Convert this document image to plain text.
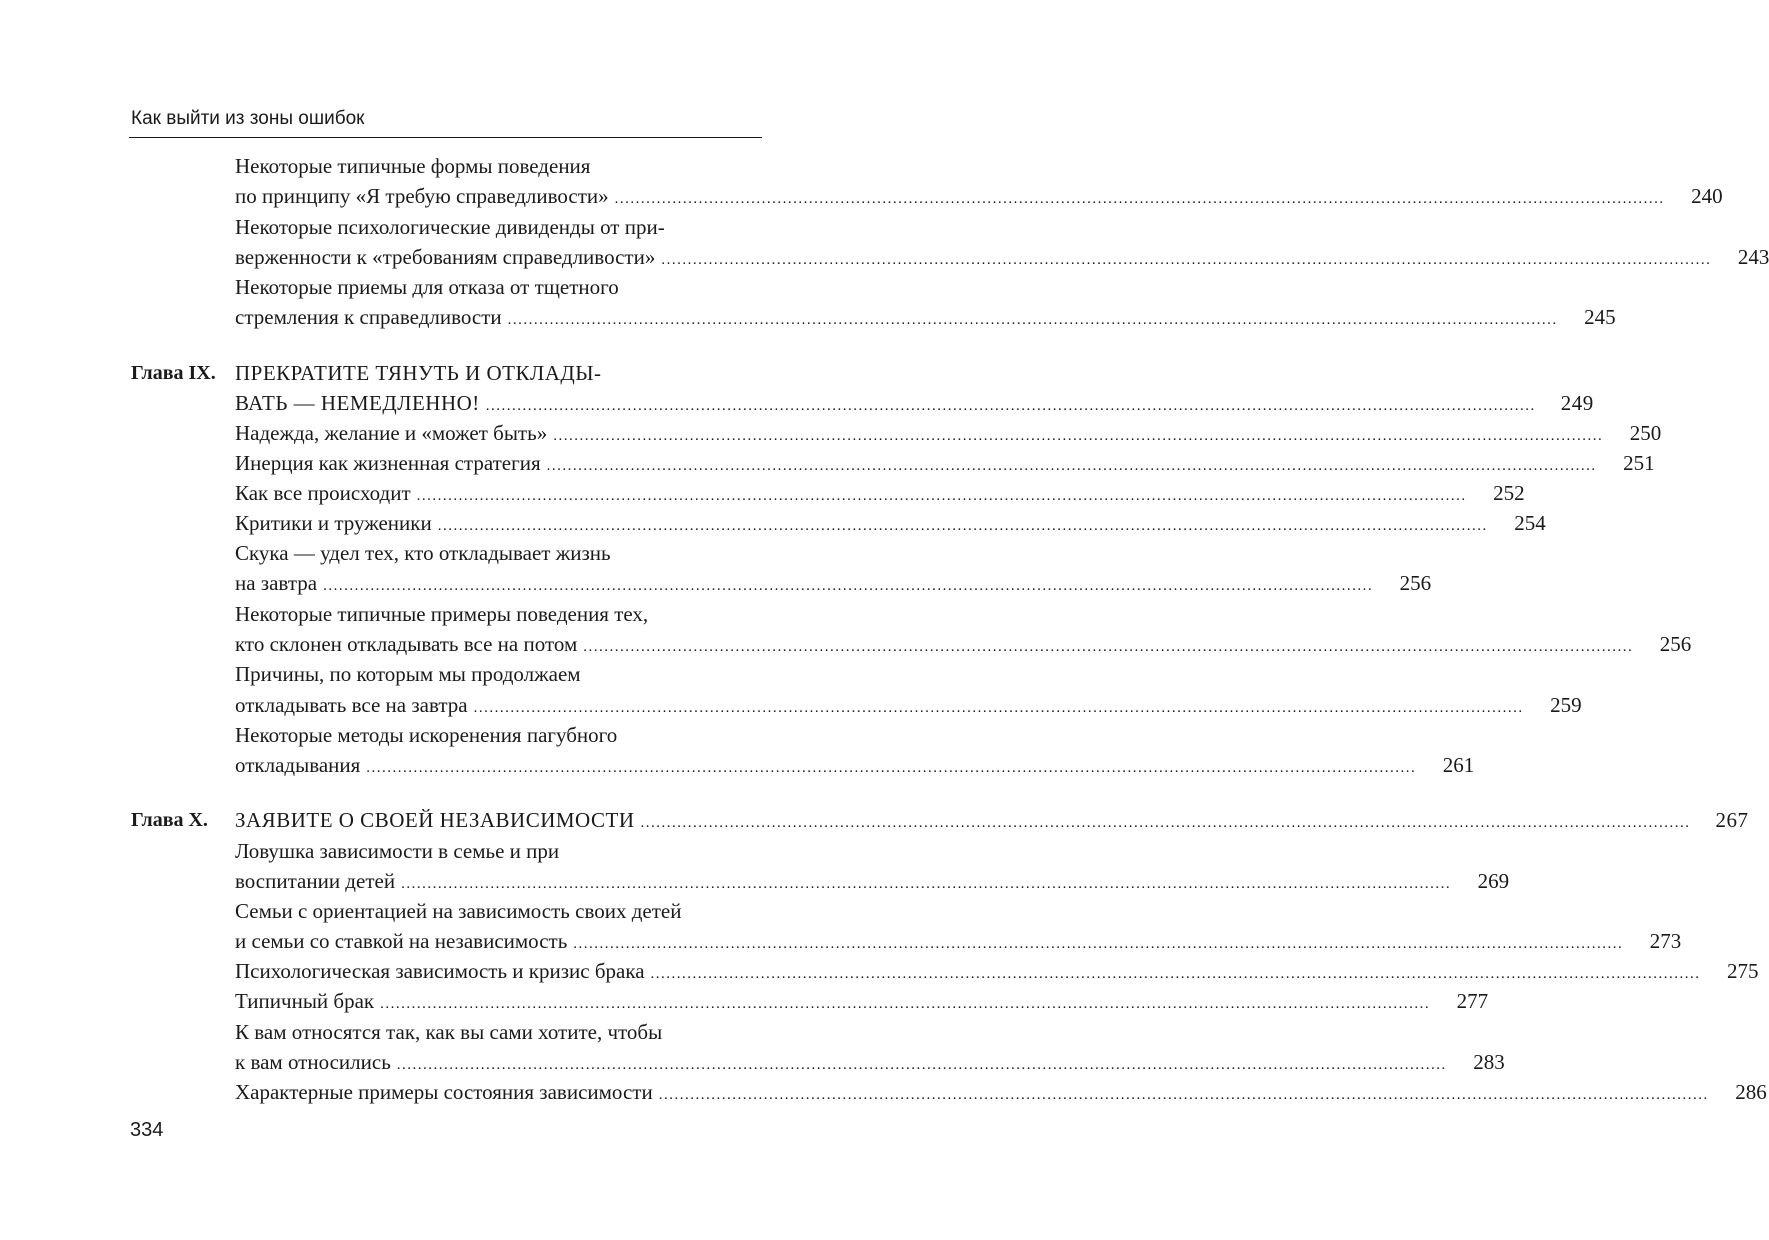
Как выйти из зоны ошибок
Некоторые типичные формы поведения
по принципу «Я требую справедливости» ........................................................................................................................................................................................................	240
Некоторые психологические дивиденды от при-
верженности к «требованиям справедливости» ........................................................................................................................................................................................................	243
Некоторые приемы для отказа от тщетного
стремления к справедливости ........................................................................................................................................................................................................	245
Глава IX. ПРЕКРАТИТЕ ТЯНУТЬ И ОТКЛАДЫ-
ВАТЬ — НЕМЕДЛЕННО! ........................................................................................................................................................................................................	249
Надежда, желание и «может быть» ........................................................................................................................................................................................................	250
Инерция как жизненная стратегия ........................................................................................................................................................................................................	251
Как все происходит ........................................................................................................................................................................................................	252
Критики и труженики ........................................................................................................................................................................................................	254
Скука — удел тех, кто откладывает жизнь
на завтра ........................................................................................................................................................................................................	256
Некоторые типичные примеры поведения тех,
кто склонен откладывать все на потом ........................................................................................................................................................................................................	256
Причины, по которым мы продолжаем
откладывать все на завтра ........................................................................................................................................................................................................	259
Некоторые методы искоренения пагубного
откладывания ........................................................................................................................................................................................................	261
Глава X. ЗАЯВИТЕ О СВОЕЙ НЕЗАВИСИМОСТИ ........................................................................................................................................................................................................	267
Ловушка зависимости в семье и при
воспитании детей ........................................................................................................................................................................................................	269
Семьи с ориентацией на зависимость своих детей
и семьи со ставкой на независимость ........................................................................................................................................................................................................	273
Психологическая зависимость и кризис брака ........................................................................................................................................................................................................	275
Типичный брак ........................................................................................................................................................................................................	277
К вам относятся так, как вы сами хотите, чтобы
к вам относились ........................................................................................................................................................................................................	283
Характерные примеры состояния зависимости ........................................................................................................................................................................................................	286
334
